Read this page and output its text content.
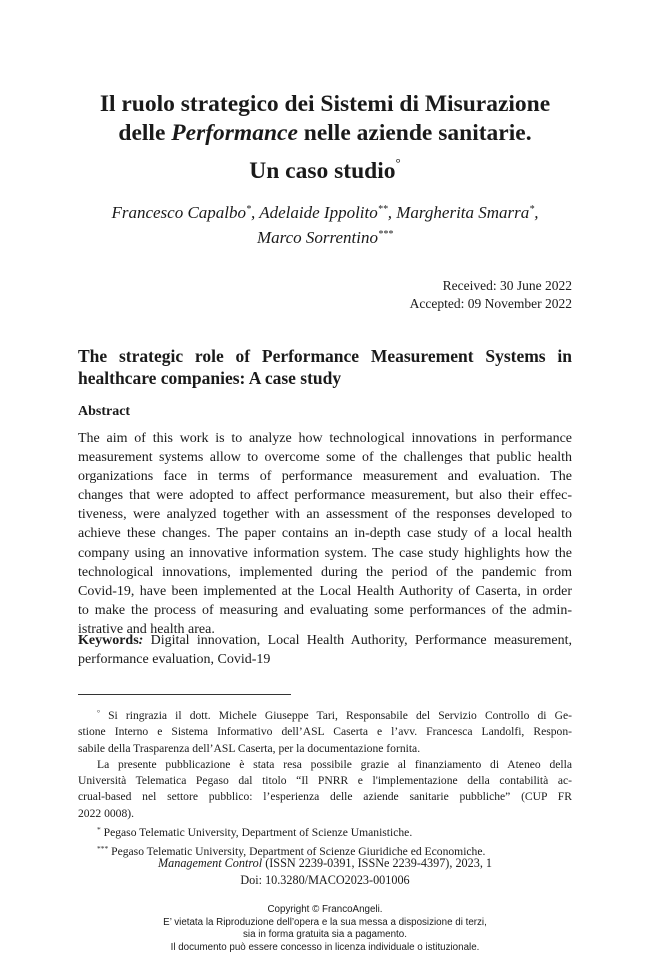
Il ruolo strategico dei Sistemi di Misurazione
delle Performance nelle aziende sanitarie.
Un caso studio°
Francesco Capalbo*, Adelaide Ippolito**, Margherita Smarra*,
Marco Sorrentino***
Received: 30 June 2022
Accepted: 09 November 2022
The strategic role of Performance Measurement Systems in
healthcare companies: A case study
Abstract
The aim of this work is to analyze how technological innovations in performance
measurement systems allow to overcome some of the challenges that public health
organizations face in terms of performance measurement and evaluation. The
changes that were adopted to affect performance measurement, but also their effec-
tiveness, were analyzed together with an assessment of the responses developed to
achieve these changes. The paper contains an in-depth case study of a local health
company using an innovative information system. The case study highlights how the
technological innovations, implemented during the period of the pandemic from
Covid-19, have been implemented at the Local Health Authority of Caserta, in order
to make the process of measuring and evaluating some performances of the admin-
istrative and health area.
Keywords: Digital innovation, Local Health Authority, Performance measurement,
performance evaluation, Covid-19
° Si ringrazia il dott. Michele Giuseppe Tari, Responsabile del Servizio Controllo di Ge-
stione Interno e Sistema Informativo dell’ASL Caserta e l’avv. Francesca Landolfi, Respon-
sabile della Trasparenza dell’ASL Caserta, per la documentazione fornita.
La presente pubblicazione è stata resa possibile grazie al finanziamento di Ateneo della
Università Telematica Pegaso dal titolo “Il PNRR e l'implementazione della contabilità ac-
crual-based nel settore pubblico: l’esperienza delle aziende sanitarie pubbliche” (CUP FR
2022 0008).
* Pegaso Telematic University, Department of Scienze Umanistiche.
*** Pegaso Telematic University, Department of Scienze Giuridiche ed Economiche.
Management Control (ISSN 2239-0391, ISSNe 2239-4397), 2023, 1
Doi: 10.3280/MACO2023-001006
Copyright © FrancoAngeli.
E’ vietata la Riproduzione dell’opera e la sua messa a disposizione di terzi,
sia in forma gratuita sia a pagamento.
Il documento può essere concesso in licenza individuale o istituzionale.
